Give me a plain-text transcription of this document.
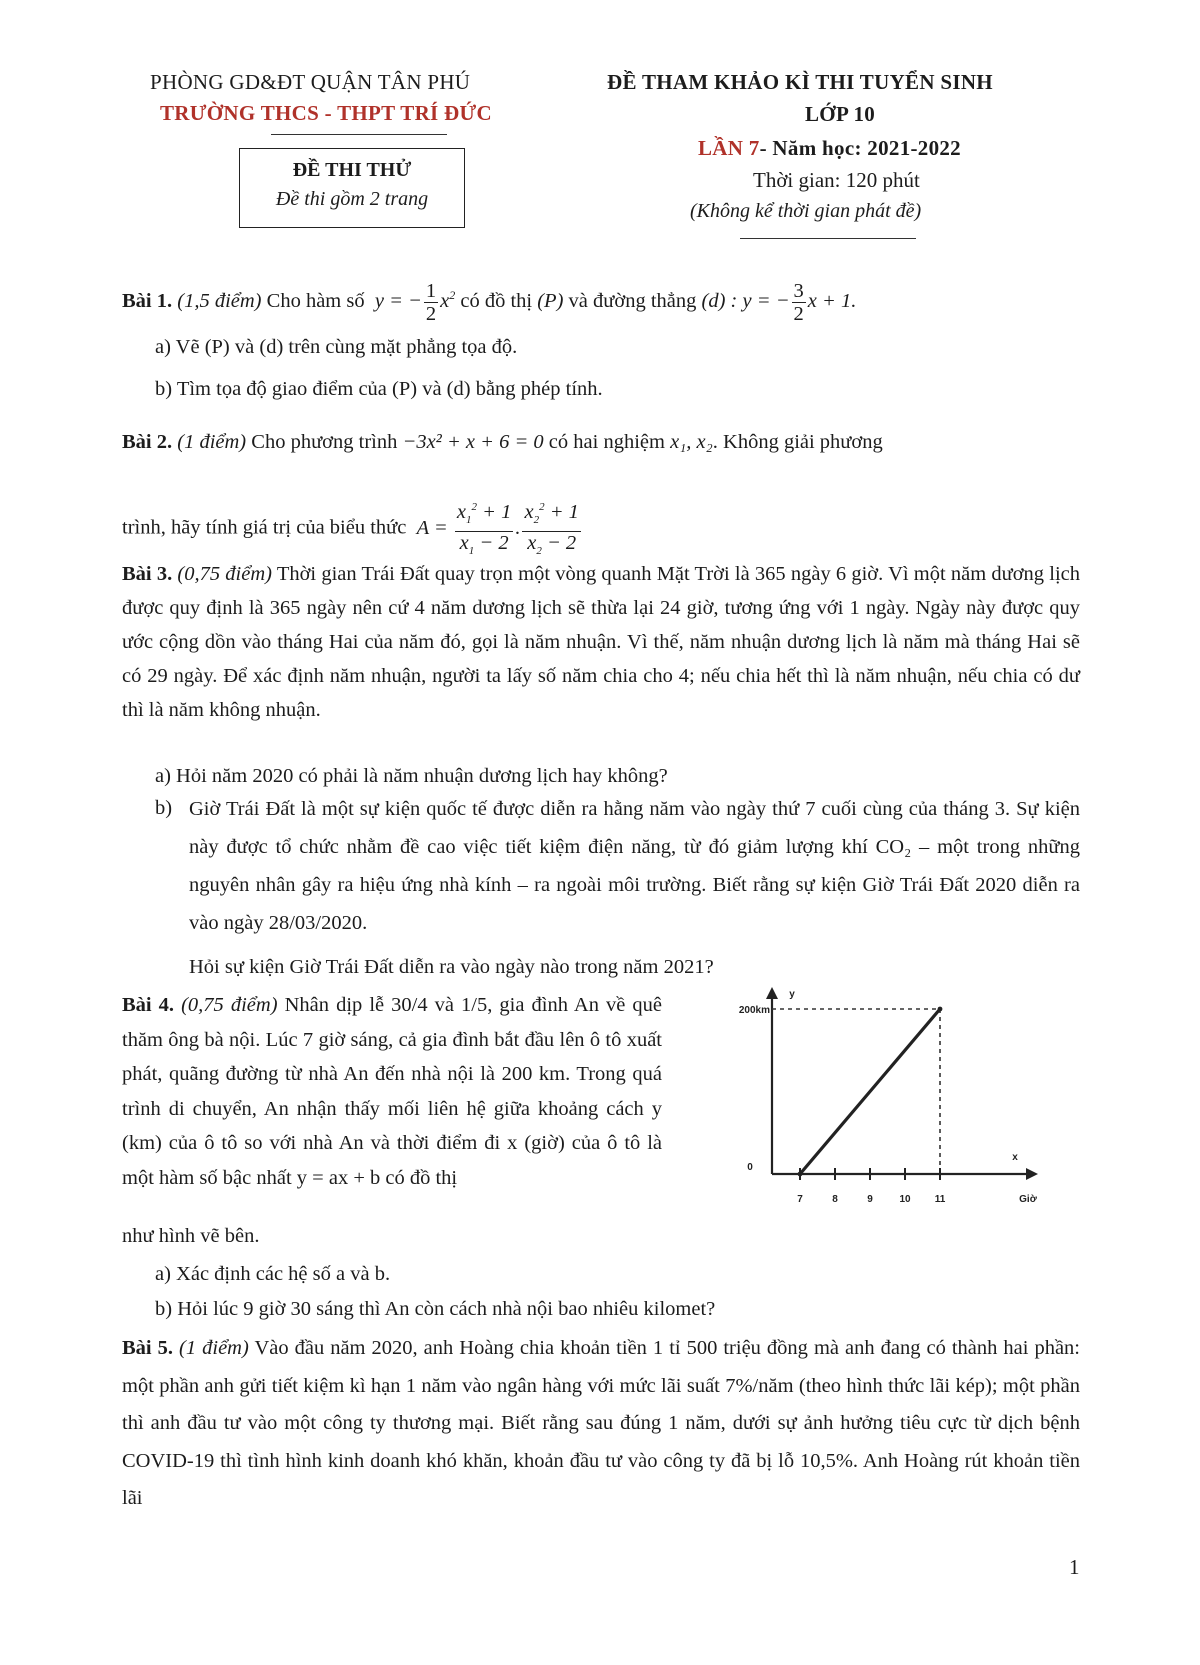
PHÒNG GD&ĐT QUẬN TÂN PHÚ
TRƯỜNG THCS - THPT TRÍ ĐỨC
ĐỀ THAM KHẢO KÌ THI TUYỂN SINH
LỚP 10
LẦN 7- Năm học: 2021-2022
Thời gian: 120 phút
(Không kể thời gian phát đề)
ĐỀ THI THỬ
Đề thi gồm 2 trang
Bài 1. (1,5 điểm) Cho hàm số  y = − $\frac{1}{2} x^2$ có đồ thị (P) và đường thẳng (d) : y = − $\frac{3}{2}$ x + 1.
a) Vẽ (P) và (d) trên cùng mặt phẳng tọa độ.
b) Tìm tọa độ giao điểm của (P) và (d) bằng phép tính.
Bài 2. (1 điểm) Cho phương trình −3x² + x + 6 = 0 có hai nghiệm x₁, x₂. Không giải phương
trình, hãy tính giá trị của biểu thức  $A = \frac{x_1^2 + 1}{x_1 - 2}$ . $\frac{x_2^2 + 1}{x_2 - 2}$
Bài 3. (0,75 điểm) Thời gian Trái Đất quay trọn một vòng quanh Mặt Trời là 365 ngày 6 giờ. Vì một năm dương lịch được quy định là 365 ngày nên cứ 4 năm dương lịch sẽ thừa lại 24 giờ, tương ứng với 1 ngày. Ngày này được quy ước cộng dồn vào tháng Hai của năm đó, gọi là năm nhuận. Vì thế, năm nhuận dương lịch là năm mà tháng Hai sẽ có 29 ngày. Để xác định năm nhuận, người ta lấy số năm chia cho 4; nếu chia hết thì là năm nhuận, nếu chia có dư thì là năm không nhuận.
a) Hỏi năm 2020 có phải là năm nhuận dương lịch hay không?
b) Giờ Trái Đất là một sự kiện quốc tế được diễn ra hằng năm vào ngày thứ 7 cuối cùng của tháng 3. Sự kiện này được tổ chức nhằm đề cao việc tiết kiệm điện năng, từ đó giảm lượng khí CO₂ – một trong những nguyên nhân gây ra hiệu ứng nhà kính – ra ngoài môi trường. Biết rằng sự kiện Giờ Trái Đất 2020 diễn ra vào ngày 28/03/2020.
Hỏi sự kiện Giờ Trái Đất diễn ra vào ngày nào trong năm 2021?
Bài 4. (0,75 điểm) Nhân dịp lễ 30/4 và 1/5, gia đình An về quê thăm ông bà nội. Lúc 7 giờ sáng, cả gia đình bắt đầu lên ô tô xuất phát, quãng đường từ nhà An đến nhà nội là 200 km. Trong quá trình di chuyển, An nhận thấy mối liên hệ giữa khoảng cách y (km) của ô tô so với nhà An và thời điểm đi x (giờ) của ô tô là một hàm số bậc nhất y = ax + b có đồ thị
như hình vẽ bên.
7	8	9	10 11
0
200km
y
x
Giờ
a) Xác định các hệ số a và b.
b) Hỏi lúc 9 giờ 30 sáng thì An còn cách nhà nội bao nhiêu kilomet?
Bài 5. (1 điểm) Vào đầu năm 2020, anh Hoàng chia khoản tiền 1 tỉ 500 triệu đồng mà anh đang có thành hai phần: một phần anh gửi tiết kiệm kì hạn 1 năm vào ngân hàng với mức lãi suất 7%/năm (theo hình thức lãi kép); một phần thì anh đầu tư vào một công ty thương mại. Biết rằng sau đúng 1 năm, dưới sự ảnh hưởng tiêu cực từ dịch bệnh COVID-19 thì tình hình kinh doanh khó khăn, khoản đầu tư vào công ty đã bị lỗ 10,5%. Anh Hoàng rút khoản tiền lãi
1
